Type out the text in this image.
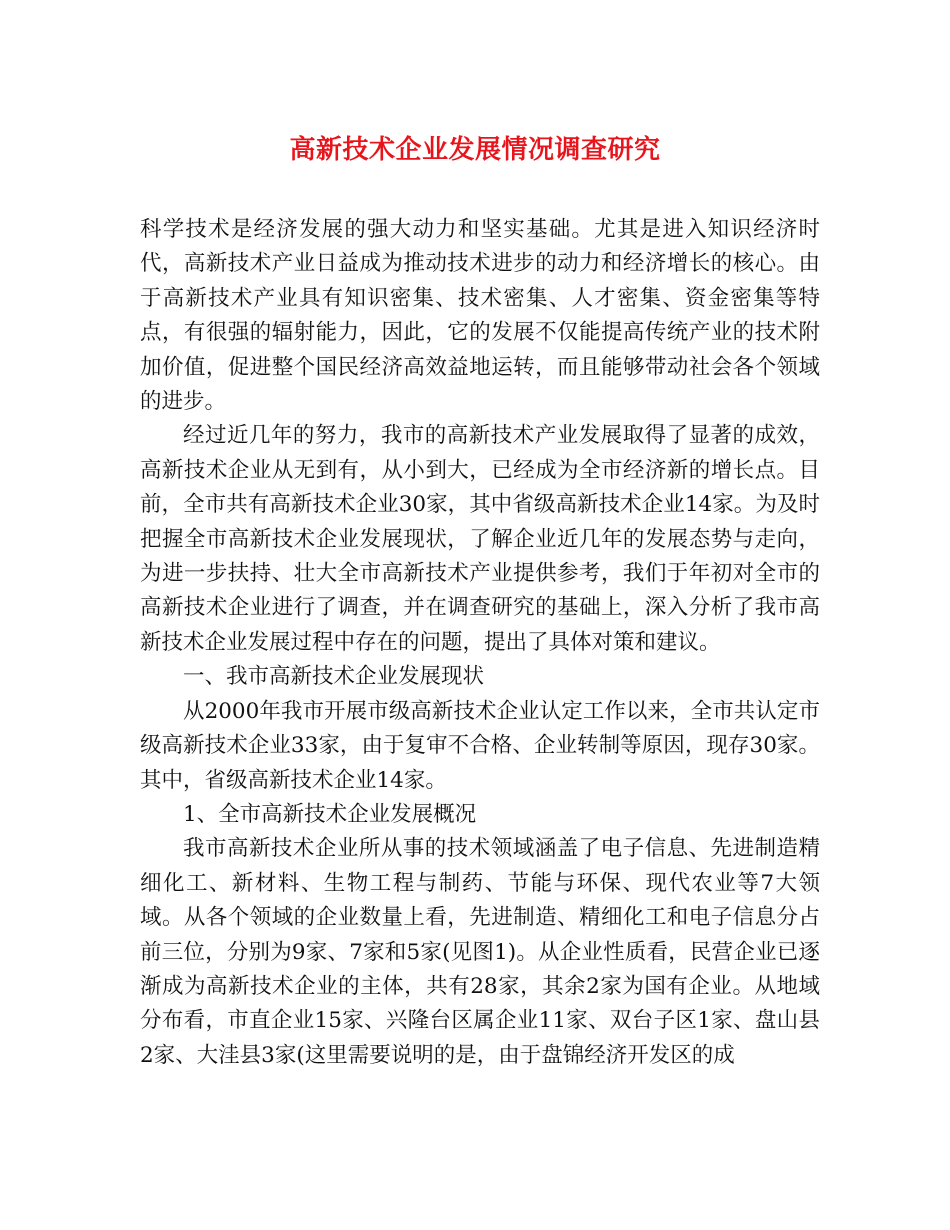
高新技术企业发展情况调查研究

科学技术是经济发展的强大动力和坚实基础。尤其是进入知识经济时代，高新技术产业日益成为推动技术进步的动力和经济增长的核心。由于高新技术产业具有知识密集、技术密集、人才密集、资金密集等特点，有很强的辐射能力，因此，它的发展不仅能提高传统产业的技术附加价值，促进整个国民经济高效益地运转，而且能够带动社会各个领域的进步。

经过近几年的努力，我市的高新技术产业发展取得了显著的成效，高新技术企业从无到有，从小到大，已经成为全市经济新的增长点。目前，全市共有高新技术企业30家，其中省级高新技术企业14家。为及时把握全市高新技术企业发展现状，了解企业近几年的发展态势与走向，为进一步扶持、壮大全市高新技术产业提供参考，我们于年初对全市的高新技术企业进行了调查，并在调查研究的基础上，深入分析了我市高新技术企业发展过程中存在的问题，提出了具体对策和建议。

一、我市高新技术企业发展现状

从2000年我市开展市级高新技术企业认定工作以来，全市共认定市级高新技术企业33家，由于复审不合格、企业转制等原因，现存30家。其中，省级高新技术企业14家。

1、全市高新技术企业发展概况

我市高新技术企业所从事的技术领域涵盖了电子信息、先进制造精细化工、新材料、生物工程与制药、节能与环保、现代农业等7大领域。从各个领域的企业数量上看，先进制造、精细化工和电子信息分占前三位，分别为9家、7家和5家(见图1)。从企业性质看，民营企业已逐渐成为高新技术企业的主体，共有28家，其余2家为国有企业。从地域分布看，市直企业15家、兴隆台区属企业11家、双台子区1家、盘山县2家、大洼县3家(这里需要说明的是，由于盘锦经济开发区的成
